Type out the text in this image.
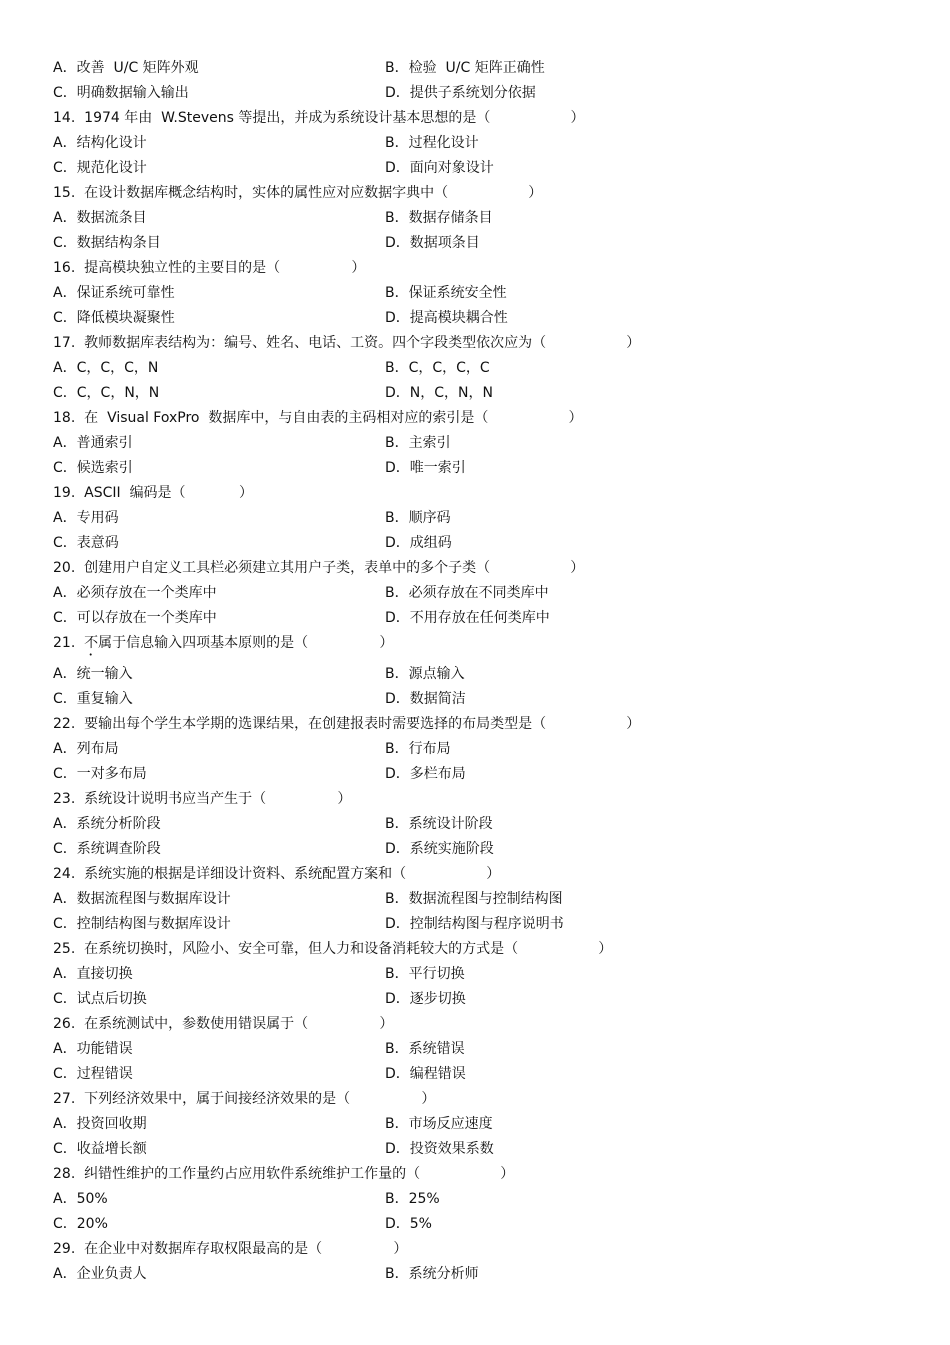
A．改善  U/C 矩阵外观	B．检验  U/C 矩阵正确性
C．明确数据输入输出	D．提供子系统划分依据
14.  1974 年由  W.Stevens 等提出，并成为系统设计基本思想的是（                  ）
A．结构化设计	B．过程化设计
C．规范化设计	D．面向对象设计
15.  在设计数据库概念结构时，实体的属性应对应数据字典中（                  ）
A．数据流条目	B．数据存储条目
C．数据结构条目	D．数据项条目
16.  提高模块独立性的主要目的是（                ）
A．保证系统可靠性	B．保证系统安全性
C．降低模块凝聚性	D．提高模块耦合性
17.  教师数据库表结构为：编号、姓名、电话、工资。四个字段类型依次应为（                  ）
A．C，C，C，N	B．C，C，C，C
C．C，C，N，N	D．N，C，N，N
18.  在  Visual FoxPro  数据库中，与自由表的主码相对应的索引是（                  ）
A．普通索引	B．主索引
C．候选索引	D．唯一索引
19.  ASCII  编码是（            ）
A．专用码	B．顺序码
C．表意码	D．成组码
20.  创建用户自定义工具栏必须建立其用户子类，表单中的多个子类（                  ）
A．必须存放在一个类库中	B．必须存放在不同类库中
C．可以存放在一个类库中	D．不用存放在任何类库中
21.  不属于信息输入四项基本原则的是（                ）
A．统一输入	B．源点输入
C．重复输入	D．数据简洁
22.  要输出每个学生本学期的选课结果，在创建报表时需要选择的布局类型是（                  ）
A．列布局	B．行布局
C．一对多布局	D．多栏布局
23.  系统设计说明书应当产生于（                ）
A．系统分析阶段	B．系统设计阶段
C．系统调查阶段	D．系统实施阶段
24.  系统实施的根据是详细设计资料、系统配置方案和（                  ）
A．数据流程图与数据库设计	B．数据流程图与控制结构图
C．控制结构图与数据库设计	D．控制结构图与程序说明书
25.  在系统切换时，风险小、安全可靠，但人力和设备消耗较大的方式是（                  ）
A．直接切换	B．平行切换
C．试点后切换	D．逐步切换
26.  在系统测试中，参数使用错误属于（                ）
A．功能错误	B．系统错误
C．过程错误	D．编程错误
27.  下列经济效果中，属于间接经济效果的是（                ）
A．投资回收期	B．市场反应速度
C．收益增长额	D．投资效果系数
28.  纠错性维护的工作量约占应用软件系统维护工作量的（                  ）
A．50%	B．25%
C．20%	D．5%
29.  在企业中对数据库存取权限最高的是（                ）
A．企业负责人	B．系统分析师
